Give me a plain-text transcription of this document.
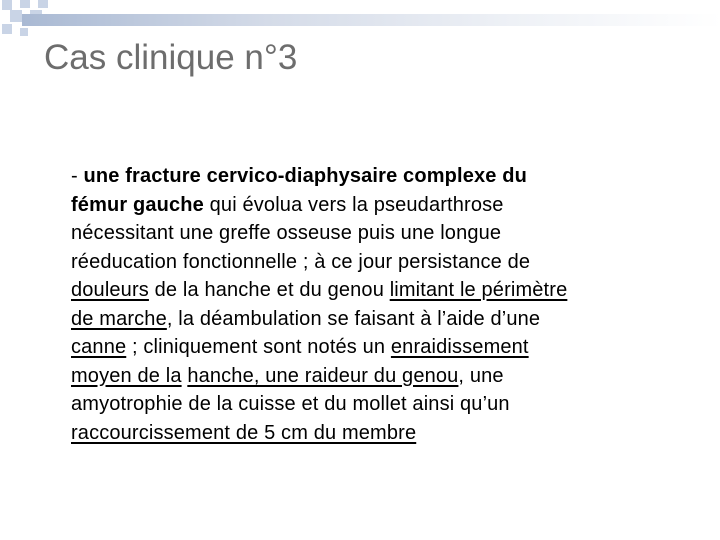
Cas clinique n°3
- une fracture cervico-diaphysaire complexe du
fémur gauche qui évolua vers la pseudarthrose
nécessitant une greffe osseuse puis une longue
réeducation fonctionnelle ; à ce jour persistance de
douleurs de la hanche et du genou limitant le périmètre
de marche, la déambulation se faisant à l’aide d’une
canne ; cliniquement sont notés un enraidissement
moyen de la hanche, une raideur du genou, une
amyotrophie de la cuisse et du mollet ainsi qu’un
raccourcissement de 5 cm du membre
